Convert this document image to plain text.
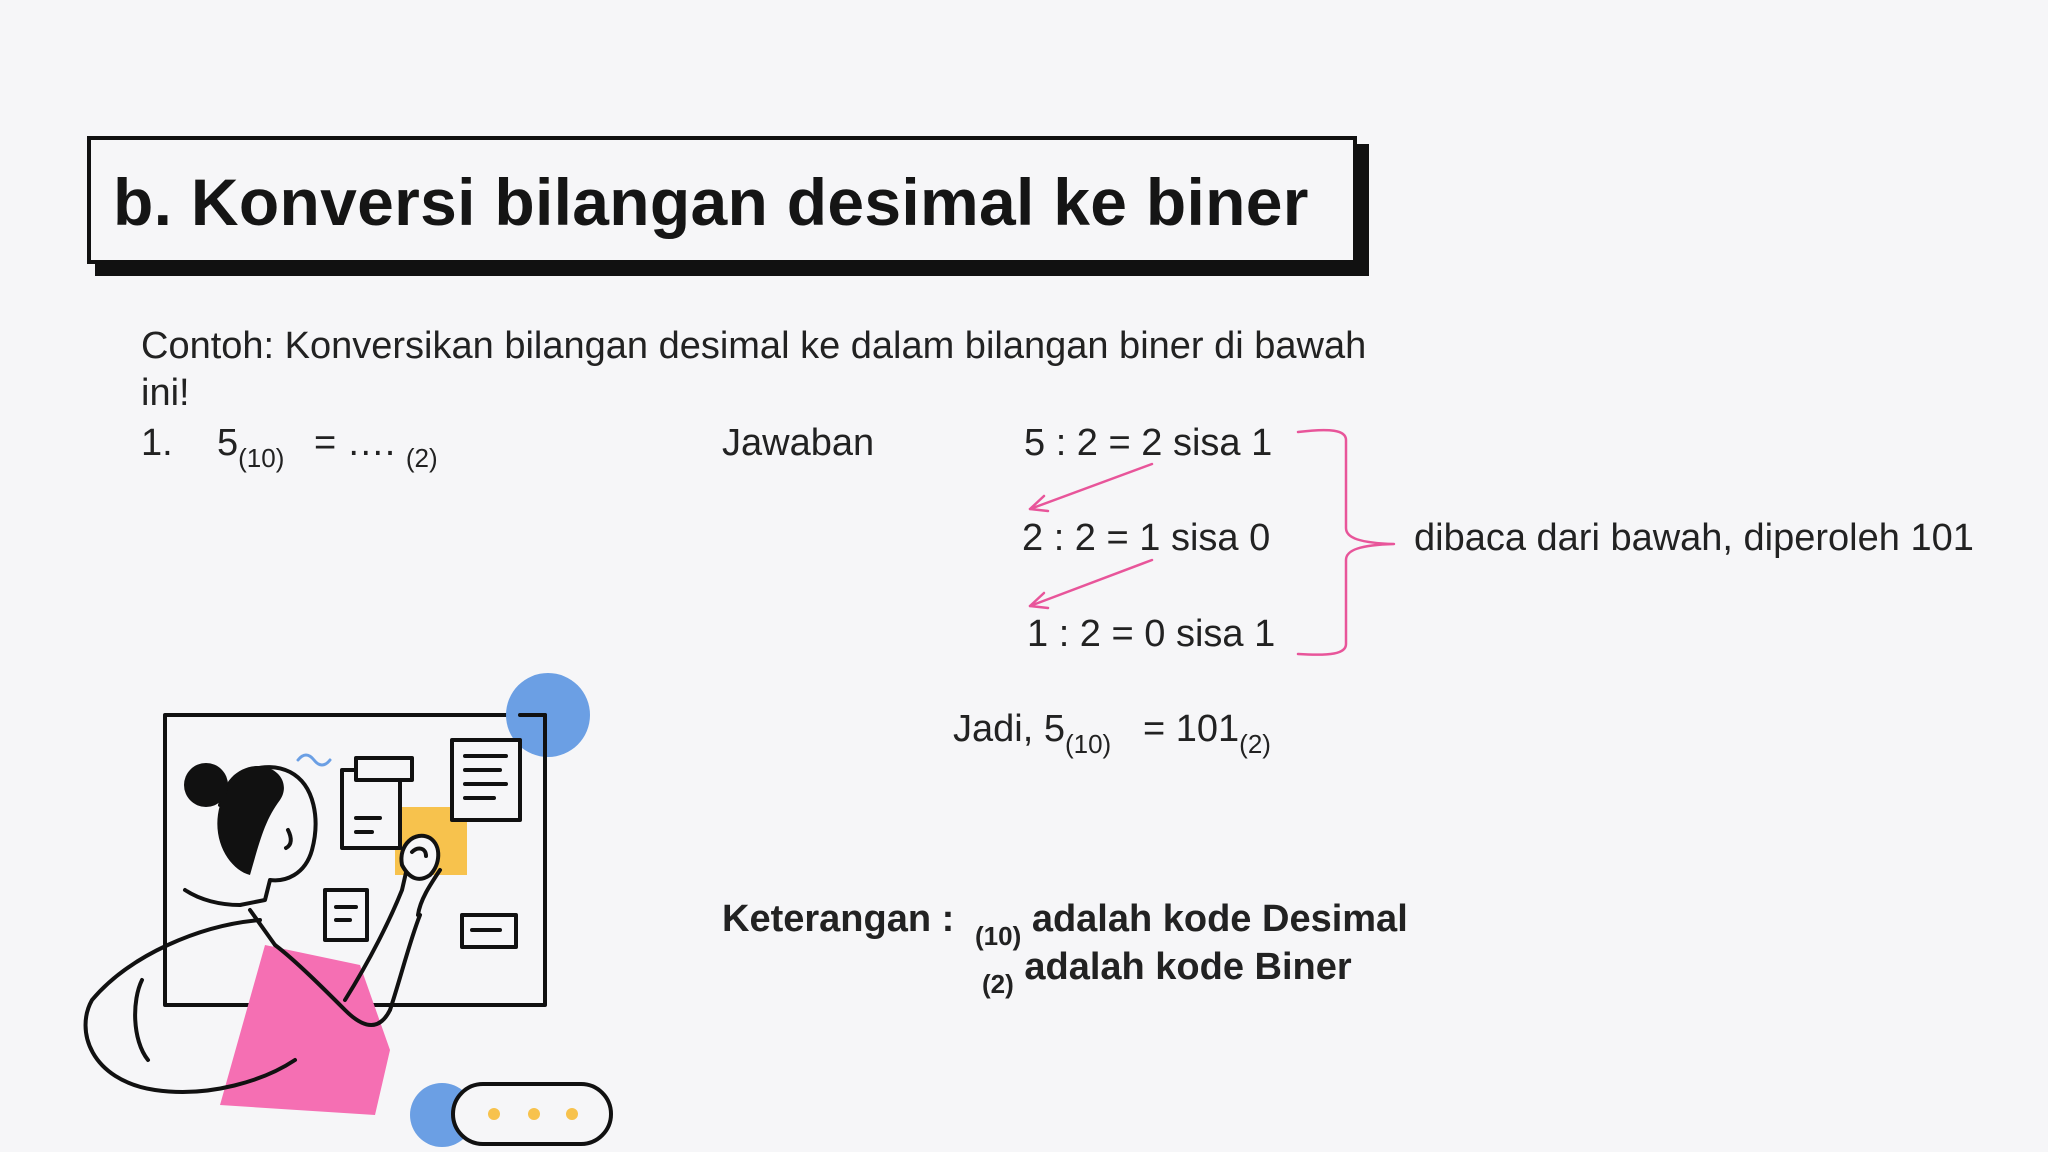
b. Konversi bilangan desimal ke biner
Contoh: Konversikan bilangan desimal ke dalam bilangan biner di bawah
ini!
1. $5_{(10)}$ = …. $_{(2)}$	Jawaban	5 : 2 = 2 sisa 1
2 : 2 = 1 sisa 0
1 : 2 = 0 sisa 1
dibaca dari bawah, diperoleh 101
Jadi, $5_{(10)} = 101_{(2)}$
Keterangan : $_{(10)}$ adalah kode Desimal
$_{(2)}$ adalah kode Biner
